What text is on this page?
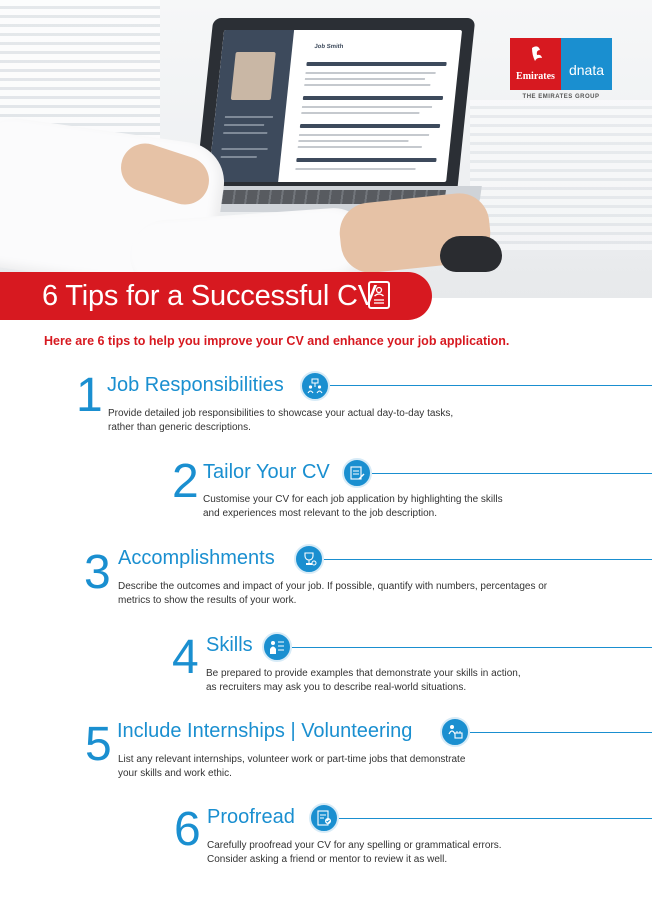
Job Smith
Emirates	dnata
THE EMIRATES GROUP
6 Tips for a Successful CV
Here are 6 tips to help you improve your CV and enhance your job application.
1 Job Responsibilities
Provide detailed job responsibilities to showcase your actual day-to-day tasks,
rather than generic descriptions.
2 Tailor Your CV
Customise your CV for each job application by highlighting the skills
and experiences most relevant to the job description.
3 Accomplishments
Describe the outcomes and impact of your job. If possible, quantify with numbers, percentages or
metrics to show the results of your work.
4 Skills
Be prepared to provide examples that demonstrate your skills in action,
as recruiters may ask you to describe real-world situations.
5 Include Internships | Volunteering
List any relevant internships, volunteer work or part-time jobs that demonstrate
your skills and work ethic.
6 Proofread
Carefully proofread your CV for any spelling or grammatical errors.
Consider asking a friend or mentor to review it as well.
